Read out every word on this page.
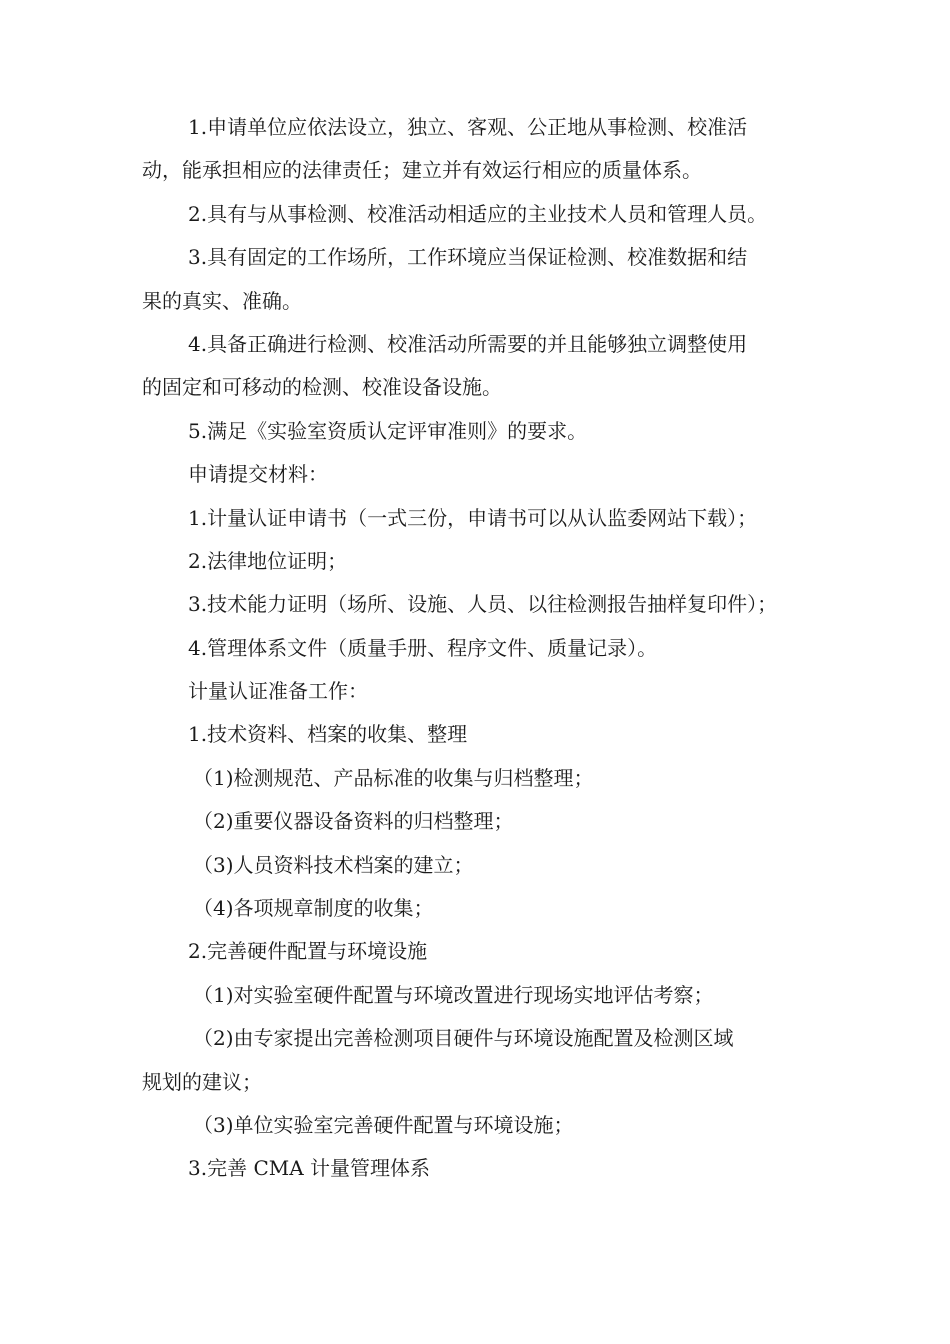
1.申请单位应依法设立，独立、客观、公正地从事检测、校准活
动，能承担相应的法律责任；建立并有效运行相应的质量体系。
2.具有与从事检测、校准活动相适应的主业技术人员和管理人员。
3.具有固定的工作场所，工作环境应当保证检测、校准数据和结
果的真实、准确。
4.具备正确进行检测、校准活动所需要的并且能够独立调整使用
的固定和可移动的检测、校准设备设施。
5.满足《实验室资质认定评审准则》的要求。
申请提交材料：
1.计量认证申请书（一式三份，申请书可以从认监委网站下载）；
2.法律地位证明；
3.技术能力证明（场所、设施、人员、以往检测报告抽样复印件）；
4.管理体系文件（质量手册、程序文件、质量记录）。
计量认证准备工作：
1.技术资料、档案的收集、整理
（1)检测规范、产品标准的收集与归档整理；
（2)重要仪器设备资料的归档整理；
（3)人员资料技术档案的建立；
（4)各项规章制度的收集；
2.完善硬件配置与环境设施
（1)对实验室硬件配置与环境改置进行现场实地评估考察；
（2)由专家提出完善检测项目硬件与环境设施配置及检测区域
规划的建议；
（3)单位实验室完善硬件配置与环境设施；
3.完善 CMA 计量管理体系
